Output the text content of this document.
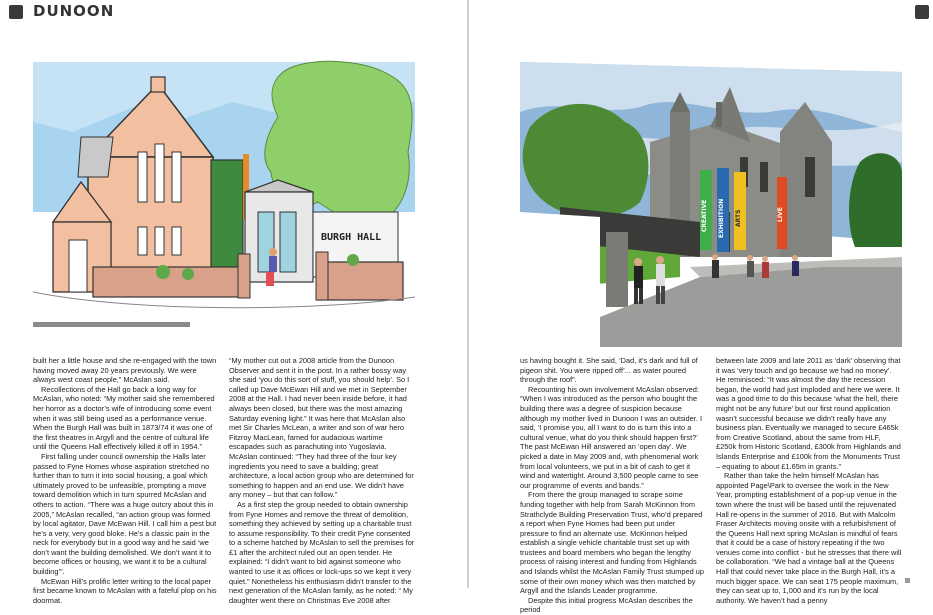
DUNOON
BURGH HALL

built her a little house and she re-engaged with the town having moved away 20 years previously. We were always west coast people,” McAslan said.

Recollections of the Hall go back a long way for McAslan, who noted: “My mother said she remembered her horror as a doctor’s wife of introducing some event when it was still being used as a performance venue. When the Burgh Hall was built in 1873/74 it was one of the first theatres in Argyll and the centre of cultural life until the Queens Hall effectively killed it off in 1954.”

First falling under council ownership the Halls later passed to Fyne Homes whose aspiration stretched no further than to turn it into social housing, a goal which ultimately proved to be unfeasible, prompting a move toward demolition which in turn spurred McAslan and others to action. “There was a huge outcry about this in 2005,” McAslan recalled, “an action group was formed by local agitator, Dave McEwan Hill. I call him a pest but he’s a very, very good bloke. He’s a classic pain in the neck for everybody but in a good way and he said ‘we don’t want the building demolished. We don’t want it to become offices or housing, we want it to be a cultural building’”.

McEwan Hill’s prolific letter writing to the local paper first became known to McAslan with a fateful plop on his doormat.

“My mother cut out a 2008 article from the Dunoon Observer and sent it in the post. In a rather bossy way she said ‘you do this sort of stuff, you should help’. So I called up Dave McEwan Hill and we met in September 2008 at the Hall. I had never been inside before, it had always been closed, but there was the most amazing Saturday evening light.” It was here that McAslan also met Sir Charles McLean, a writer and son of war hero Fitzroy MacLean, famed for audacious wartime escapades such as parachuting into Yugoslavia. McAslan continued: “They had three of the four key ingredients you need to save a building; great architecture, a local action group who are determined for something to happen and an end use. We didn’t have any money – but that can follow.”

As a first step the group needed to obtain ownership from Fyne Homes and remove the threat of demolition, something they achieved by setting up a charitable trust to assume responsibility. To their credit Fyne consented to a scheme hatched by McAslan to sell the premises for £1 after the architect ruled out an open tender. He explained: “I didn’t want to bid against someone who wanted to use it as offices or lock-ups so we kept it very quiet.” Nonetheless his enthusiasm didn’t transfer to the next generation of the McAslan family, as he noted: “ My daughter went there on Christmas Eve 2008 after

CREATIVE EXHIBITION ARTS	LIVE

us having bought it. She said, ‘Dad, it’s dark and full of pigeon shit. You were ripped off’... as water poured through the roof”.

Recounting his own involvement McAslan observed: “When I was introduced as the person who bought the building there was a degree of suspicion because although my mother lived in Dunoon I was an outsider. I said, ‘I promise you, all I want to do is turn this into a cultural venue, what do you think should happen first?’ The past McEwan Hill answered an ‘open day’. We picked a date in May 2009 and, with phenomenal work from local volunteers, we put in a bit of cash to get it wind and watertight. Around 3,500 people came to see our programme of events and bands.”

From there the group managed to scrape some funding together with help from Sarah McKinnon from Strathclyde Building Preservation Trust, who’d prepared a report when Fyne Homes had been put under pressure to find an alternate use. McKinnon helped establish a single vehicle charitable trust set up with trustees and board members who began the lengthy process of raising interest and funding from Highlands and Islands whilst the McAslan Family Trust stumped up some of their own money which was then matched by Argyll and the Islands Leader programme.

Despite this initial progress McAslan describes the period

between late 2009 and late 2011 as ‘dark’ observing that it was ‘very touch and go because we had no money’. He reminisced: “It was almost the day the recession began, the world had just imploded and here we were. It was a good time to do this because ‘what the hell, there might not be any future’ but our first round application wasn’t successful because we didn’t really have any business plan. Eventually we managed to secure £465k from Creative Scotland, about the same from HLF, £250k from Historic Scotland, £300k from Highlands and Islands Enterprise and £100k from the Monuments Trust – equating to about £1.65m in grants.”

Rather than take the helm himself McAslan has appointed Page\Park to oversee the work in the New Year, prompting establishment of a pop-up venue in the town where the trust will be based until the rejuvenated Hall re-opens in the summer of 2016. But with Malcolm Fraser Architects moving onsite with a refurbishment of the Queens Hall next spring McAslan is mindful of fears that it could be a case of history repeating if the two venues come into conflict - but he stresses that there will be collaboration. “We had a vintage ball at the Queens Hall that could never take place in the Burgh Hall, it’s a much bigger space. We can seat 175 people maximum, they can seat up to, 1,000 and it’s run by the local authority. We haven’t had a penny
